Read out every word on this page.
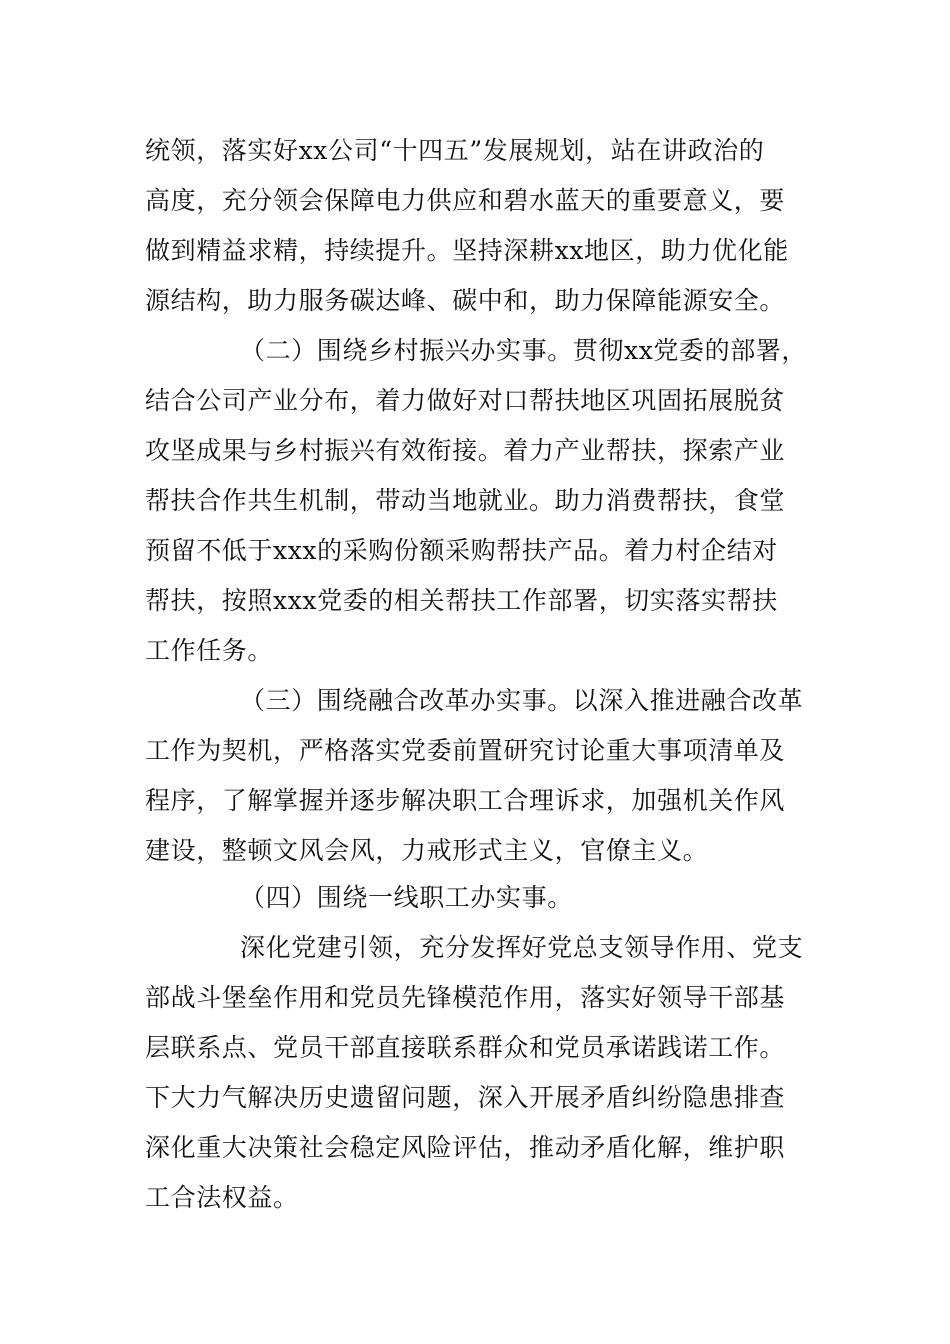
统领，落实好xx公司“十四五”发展规划，站在讲政治的
高度，充分领会保障电力供应和碧水蓝天的重要意义，要
做到精益求精，持续提升。坚持深耕xx地区，助力优化能
源结构，助力服务碳达峰、碳中和，助力保障能源安全。
（二）围绕乡村振兴办实事。贯彻xx党委的部署，
结合公司产业分布，着力做好对口帮扶地区巩固拓展脱贫
攻坚成果与乡村振兴有效衔接。着力产业帮扶，探索产业
帮扶合作共生机制，带动当地就业。助力消费帮扶，食堂
预留不低于xxx的采购份额采购帮扶产品。着力村企结对
帮扶，按照xxx党委的相关帮扶工作部署，切实落实帮扶
工作任务。
（三）围绕融合改革办实事。以深入推进融合改革
工作为契机，严格落实党委前置研究讨论重大事项清单及
程序，了解掌握并逐步解决职工合理诉求，加强机关作风
建设，整顿文风会风，力戒形式主义，官僚主义。
（四）围绕一线职工办实事。
深化党建引领，充分发挥好党总支领导作用、党支
部战斗堡垒作用和党员先锋模范作用，落实好领导干部基
层联系点、党员干部直接联系群众和党员承诺践诺工作。
下大力气解决历史遗留问题，深入开展矛盾纠纷隐患排查
深化重大决策社会稳定风险评估，推动矛盾化解，维护职
工合法权益。
